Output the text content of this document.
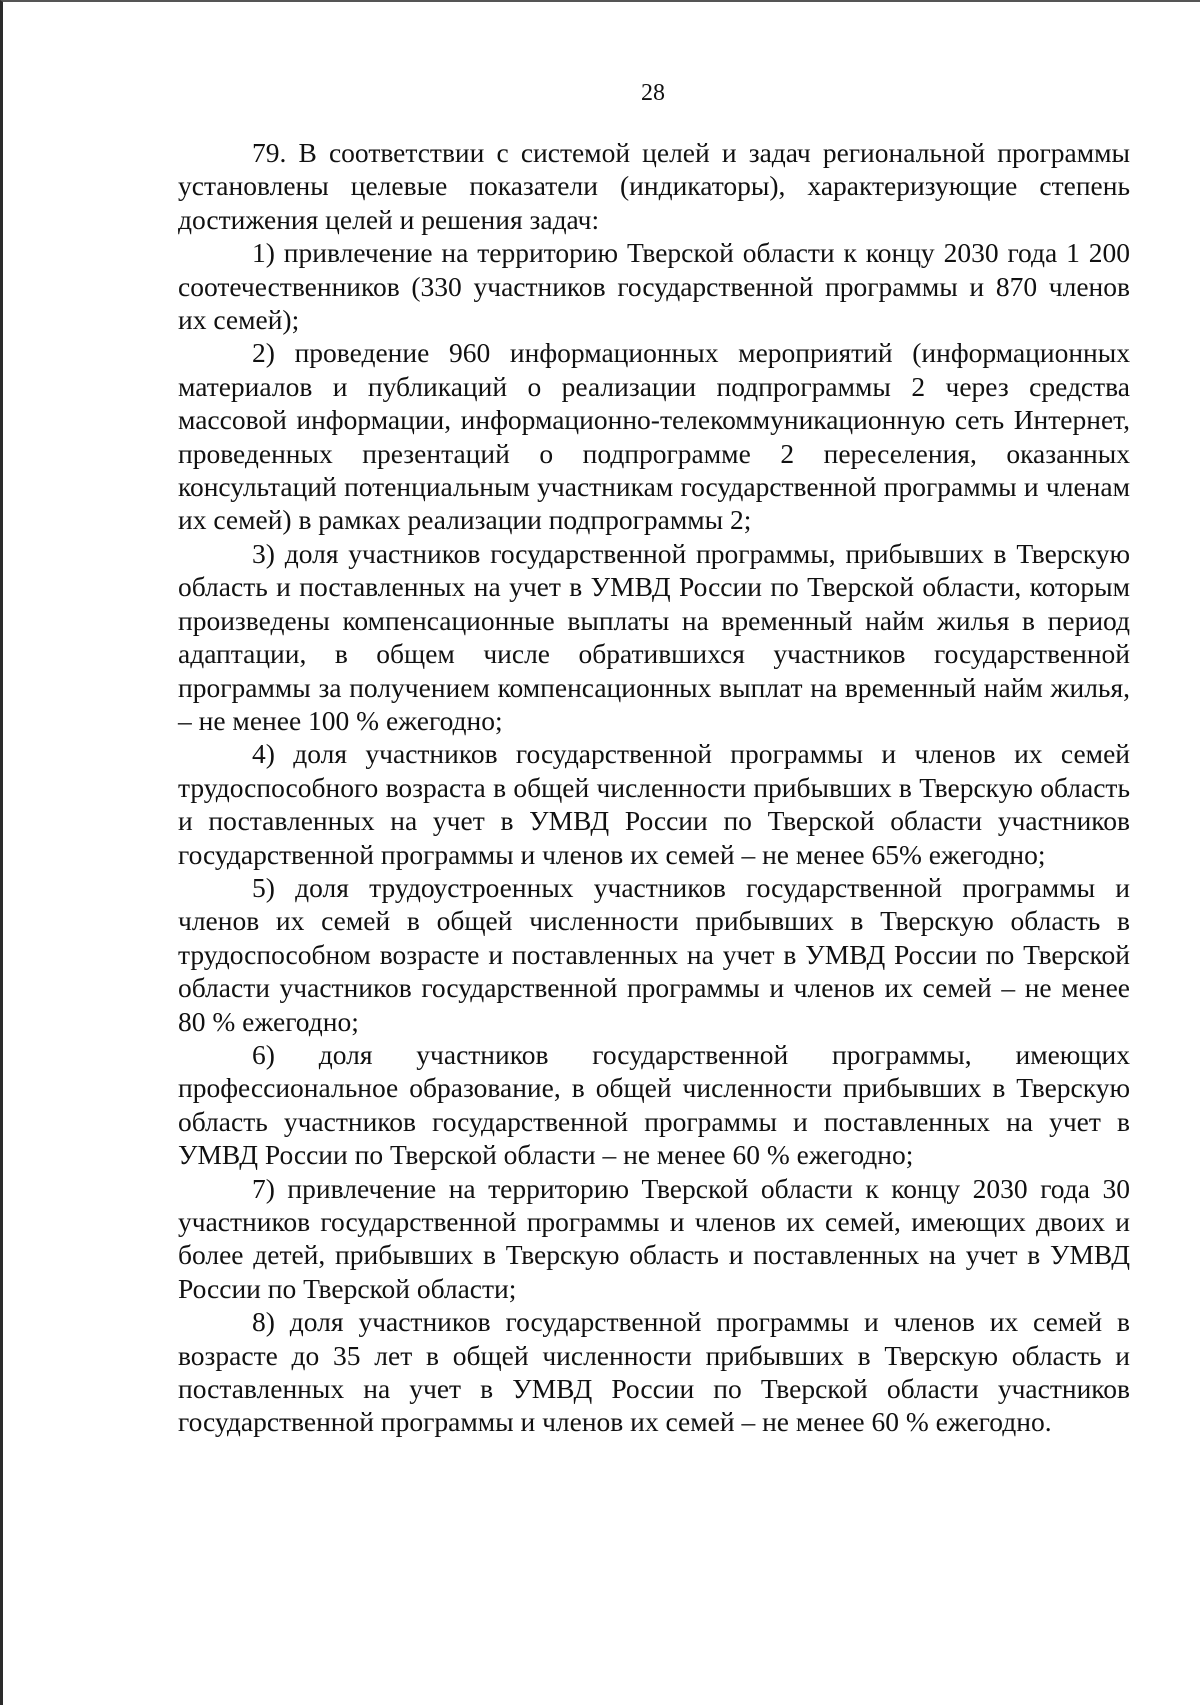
28

79. В соответствии с системой целей и задач региональной программы установлены целевые показатели (индикаторы), характеризующие степень достижения целей и решения задач:

1) привлечение на территорию Тверской области к концу 2030 года 1 200 соотечественников (330 участников государственной программы и 870 членов их семей);

2) проведение 960 информационных мероприятий (информационных материалов и публикаций о реализации подпрограммы 2 через средства массовой информации, информационно-телекоммуникационную сеть Интернет, проведенных презентаций о подпрограмме 2 переселения, оказанных консультаций потенциальным участникам государственной программы и членам их семей) в рамках реализации подпрограммы 2;

3) доля участников государственной программы, прибывших в Тверскую область и поставленных на учет в УМВД России по Тверской области, которым произведены компенсационные выплаты на временный найм жилья в период адаптации, в общем числе обратившихся участников государственной программы за получением компенсационных выплат на временный найм жилья, – не менее 100 % ежегодно;

4) доля участников государственной программы и членов их семей трудоспособного возраста в общей численности прибывших в Тверскую область и поставленных на учет в УМВД России по Тверской области участников государственной программы и членов их семей – не менее 65% ежегодно;

5) доля трудоустроенных участников государственной программы и членов их семей в общей численности прибывших в Тверскую область в трудоспособном возрасте и поставленных на учет в УМВД России по Тверской области участников государственной программы и членов их семей – не менее 80 % ежегодно;

6) доля участников государственной программы, имеющих профессиональное образование, в общей численности прибывших в Тверскую область участников государственной программы и поставленных на учет в УМВД России по Тверской области – не менее 60 % ежегодно;

7) привлечение на территорию Тверской области к концу 2030 года 30 участников государственной программы и членов их семей, имеющих двоих и более детей, прибывших в Тверскую область и поставленных на учет в УМВД России по Тверской области;

8) доля участников государственной программы и членов их семей в возрасте до 35 лет в общей численности прибывших в Тверскую область и поставленных на учет в УМВД России по Тверской области участников государственной программы и членов их семей – не менее 60 % ежегодно.
